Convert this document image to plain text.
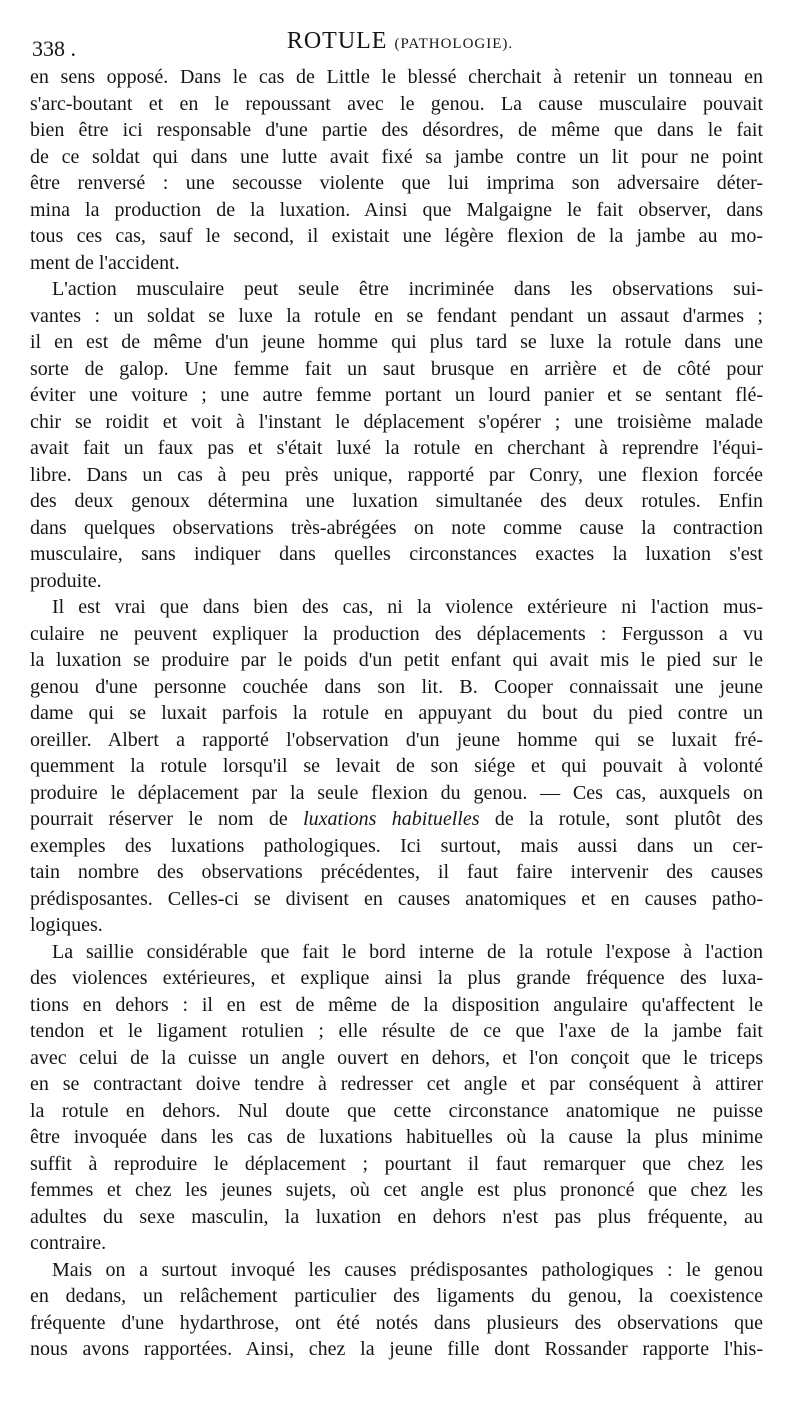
338 .	ROTULE (PATHOLOGIE).
en sens opposé. Dans le cas de Little le blessé cherchait à retenir un tonneau en
s'arc-boutant et en le repoussant avec le genou. La cause musculaire pouvait
bien être ici responsable d'une partie des désordres, de même que dans le fait
de ce soldat qui dans une lutte avait fixé sa jambe contre un lit pour ne point
être renversé : une secousse violente que lui imprima son adversaire déter-
mina la production de la luxation. Ainsi que Malgaigne le fait observer, dans
tous ces cas, sauf le second, il existait une légère flexion de la jambe au mo-
ment de l'accident.
L'action musculaire peut seule être incriminée dans les observations sui-
vantes : un soldat se luxe la rotule en se fendant pendant un assaut d'armes ;
il en est de même d'un jeune homme qui plus tard se luxe la rotule dans une
sorte de galop. Une femme fait un saut brusque en arrière et de côté pour
éviter une voiture ; une autre femme portant un lourd panier et se sentant flé-
chir se roidit et voit à l'instant le déplacement s'opérer ; une troisième malade
avait fait un faux pas et s'était luxé la rotule en cherchant à reprendre l'équi-
libre. Dans un cas à peu près unique, rapporté par Conry, une flexion forcée
des deux genoux détermina une luxation simultanée des deux rotules. Enfin
dans quelques observations très-abrégées on note comme cause la contraction
musculaire, sans indiquer dans quelles circonstances exactes la luxation s'est
produite.
Il est vrai que dans bien des cas, ni la violence extérieure ni l'action mus-
culaire ne peuvent expliquer la production des déplacements : Fergusson a vu
la luxation se produire par le poids d'un petit enfant qui avait mis le pied sur le
genou d'une personne couchée dans son lit. B. Cooper connaissait une jeune
dame qui se luxait parfois la rotule en appuyant du bout du pied contre un
oreiller. Albert a rapporté l'observation d'un jeune homme qui se luxait fré-
quemment la rotule lorsqu'il se levait de son siége et qui pouvait à volonté
produire le déplacement par la seule flexion du genou. — Ces cas, auxquels on
pourrait réserver le nom de luxations habituelles de la rotule, sont plutôt des
exemples des luxations pathologiques. Ici surtout, mais aussi dans un cer-
tain nombre des observations précédentes, il faut faire intervenir des causes
prédisposantes. Celles-ci se divisent en causes anatomiques et en causes patho-
logiques.
La saillie considérable que fait le bord interne de la rotule l'expose à l'action
des violences extérieures, et explique ainsi la plus grande fréquence des luxa-
tions en dehors : il en est de même de la disposition angulaire qu'affectent le
tendon et le ligament rotulien ; elle résulte de ce que l'axe de la jambe fait
avec celui de la cuisse un angle ouvert en dehors, et l'on conçoit que le triceps
en se contractant doive tendre à redresser cet angle et par conséquent à attirer
la rotule en dehors. Nul doute que cette circonstance anatomique ne puisse
être invoquée dans les cas de luxations habituelles où la cause la plus minime
suffit à reproduire le déplacement ; pourtant il faut remarquer que chez les
femmes et chez les jeunes sujets, où cet angle est plus prononcé que chez les
adultes du sexe masculin, la luxation en dehors n'est pas plus fréquente, au
contraire.
Mais on a surtout invoqué les causes prédisposantes pathologiques : le genou
en dedans, un relâchement particulier des ligaments du genou, la coexistence
fréquente d'une hydarthrose, ont été notés dans plusieurs des observations que
nous avons rapportées. Ainsi, chez la jeune fille dont Rossander rapporte l'his-
